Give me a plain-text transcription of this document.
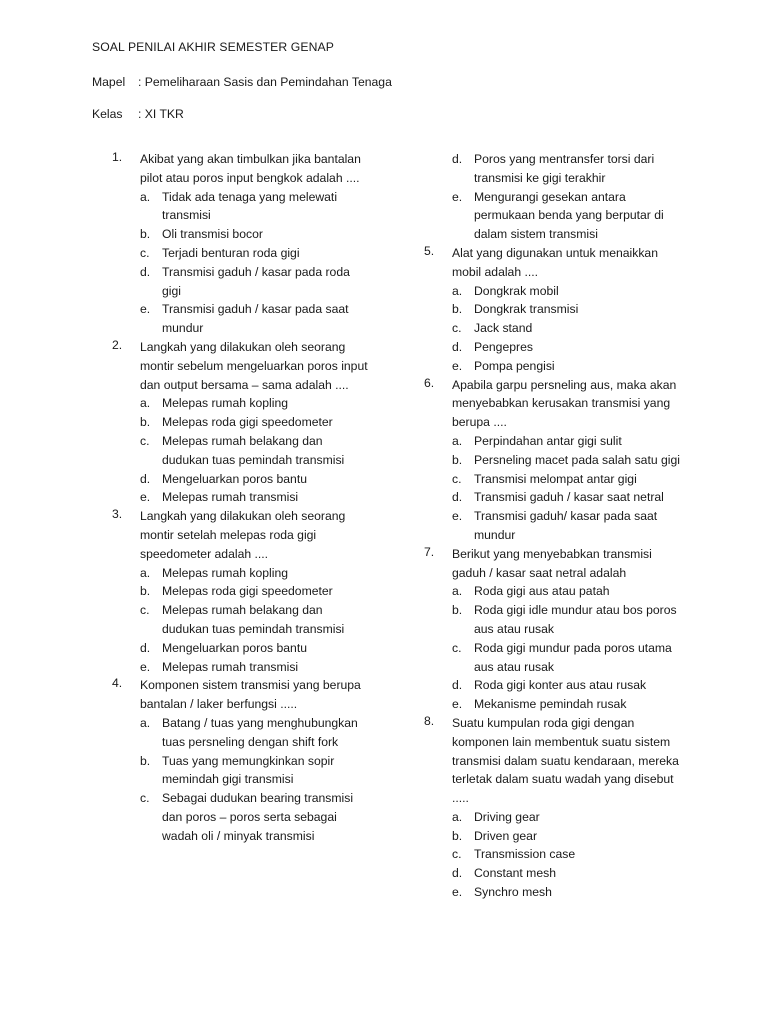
SOAL PENILAI AKHIR SEMESTER GENAP
Mapel : Pemeliharaan Sasis dan Pemindahan Tenaga
Kelas : XI TKR
1. Akibat yang akan timbulkan jika bantalan pilot atau poros input bengkok adalah ....
a. Tidak ada tenaga yang melewati transmisi
b. Oli transmisi bocor
c. Terjadi benturan roda gigi
d. Transmisi gaduh / kasar pada roda gigi
e. Transmisi gaduh / kasar pada saat mundur
2. Langkah yang dilakukan oleh seorang montir sebelum mengeluarkan poros input dan output bersama – sama adalah ....
a. Melepas rumah kopling
b. Melepas roda gigi speedometer
c. Melepas rumah belakang dan dudukan tuas pemindah transmisi
d. Mengeluarkan poros bantu
e. Melepas rumah transmisi
3. Langkah yang dilakukan oleh seorang montir setelah melepas roda gigi speedometer adalah ....
a. Melepas rumah kopling
b. Melepas roda gigi speedometer
c. Melepas rumah belakang dan dudukan tuas pemindah transmisi
d. Mengeluarkan poros bantu
e. Melepas rumah transmisi
4. Komponen sistem transmisi yang berupa bantalan / laker berfungsi .....
a. Batang / tuas yang menghubungkan tuas persneling dengan shift fork
b. Tuas yang memungkinkan sopir memindah gigi transmisi
c. Sebagai dudukan bearing transmisi dan poros – poros serta sebagai wadah oli / minyak transmisi
d. Poros yang mentransfer torsi dari transmisi ke gigi terakhir
e. Mengurangi gesekan antara permukaan benda yang berputar di dalam sistem transmisi
5. Alat yang digunakan untuk menaikkan mobil adalah ....
a. Dongkrak mobil
b. Dongkrak transmisi
c. Jack stand
d. Pengepres
e. Pompa pengisi
6. Apabila garpu persneling aus, maka akan menyebabkan kerusakan transmisi yang berupa ....
a. Perpindahan antar gigi sulit
b. Persneling macet pada salah satu gigi
c. Transmisi melompat antar gigi
d. Transmisi gaduh / kasar saat netral
e. Transmisi gaduh/ kasar pada saat mundur
7. Berikut yang menyebabkan transmisi gaduh / kasar saat netral adalah
a. Roda gigi aus atau patah
b. Roda gigi idle mundur atau bos poros aus atau rusak
c. Roda gigi mundur pada poros utama aus atau rusak
d. Roda gigi konter aus atau rusak
e. Mekanisme pemindah rusak
8. Suatu kumpulan roda gigi dengan komponen lain membentuk suatu sistem transmisi dalam suatu kendaraan, mereka terletak dalam suatu wadah yang disebut .....
a. Driving gear
b. Driven gear
c. Transmission case
d. Constant mesh
e. Synchro mesh
